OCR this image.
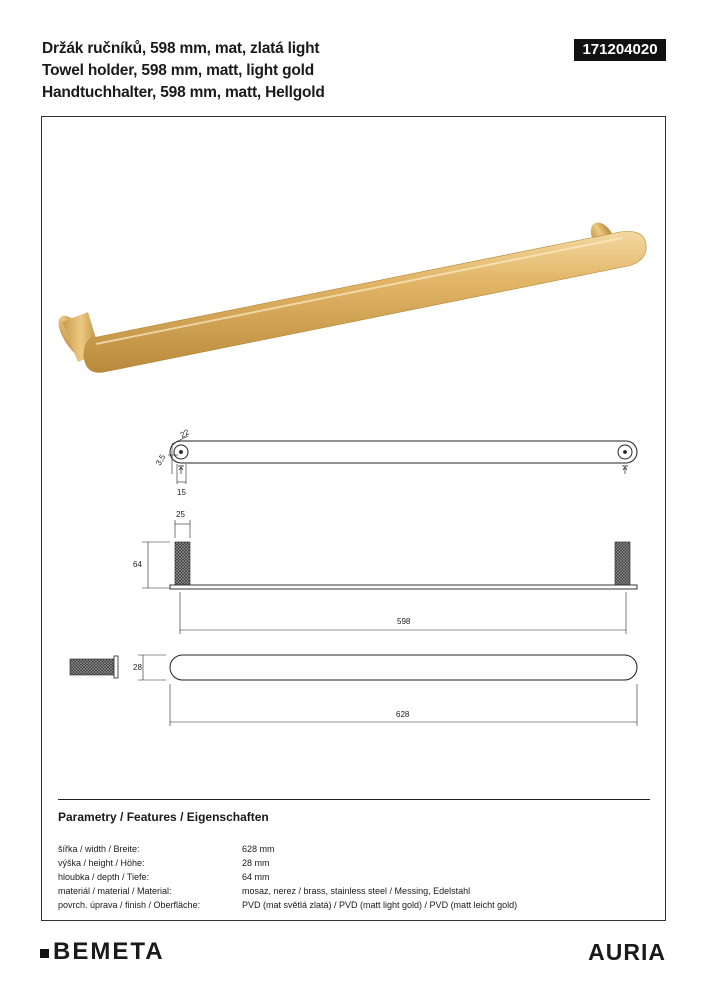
Držák ručníků, 598 mm, mat, zlatá light
Towel holder, 598 mm, matt, light gold
Handtuchhalter, 598 mm, matt, Hellgold
171204020
22
3,5
15
25
64
598
28
628
Parametry / Features / Eigenschaften
šířka / width / Breite:	628 mm
výška / height / Höhe:	28 mm
hloubka / depth / Tiefe:	64 mm
materiál / material / Material:	mosaz, nerez / brass, stainless steel / Messing, Edelstahl
povrch. úprava / finish / Oberfläche:	PVD (mat světlá zlatá) / PVD (matt light gold) / PVD (matt leicht gold)
BEMETA	AURIA
